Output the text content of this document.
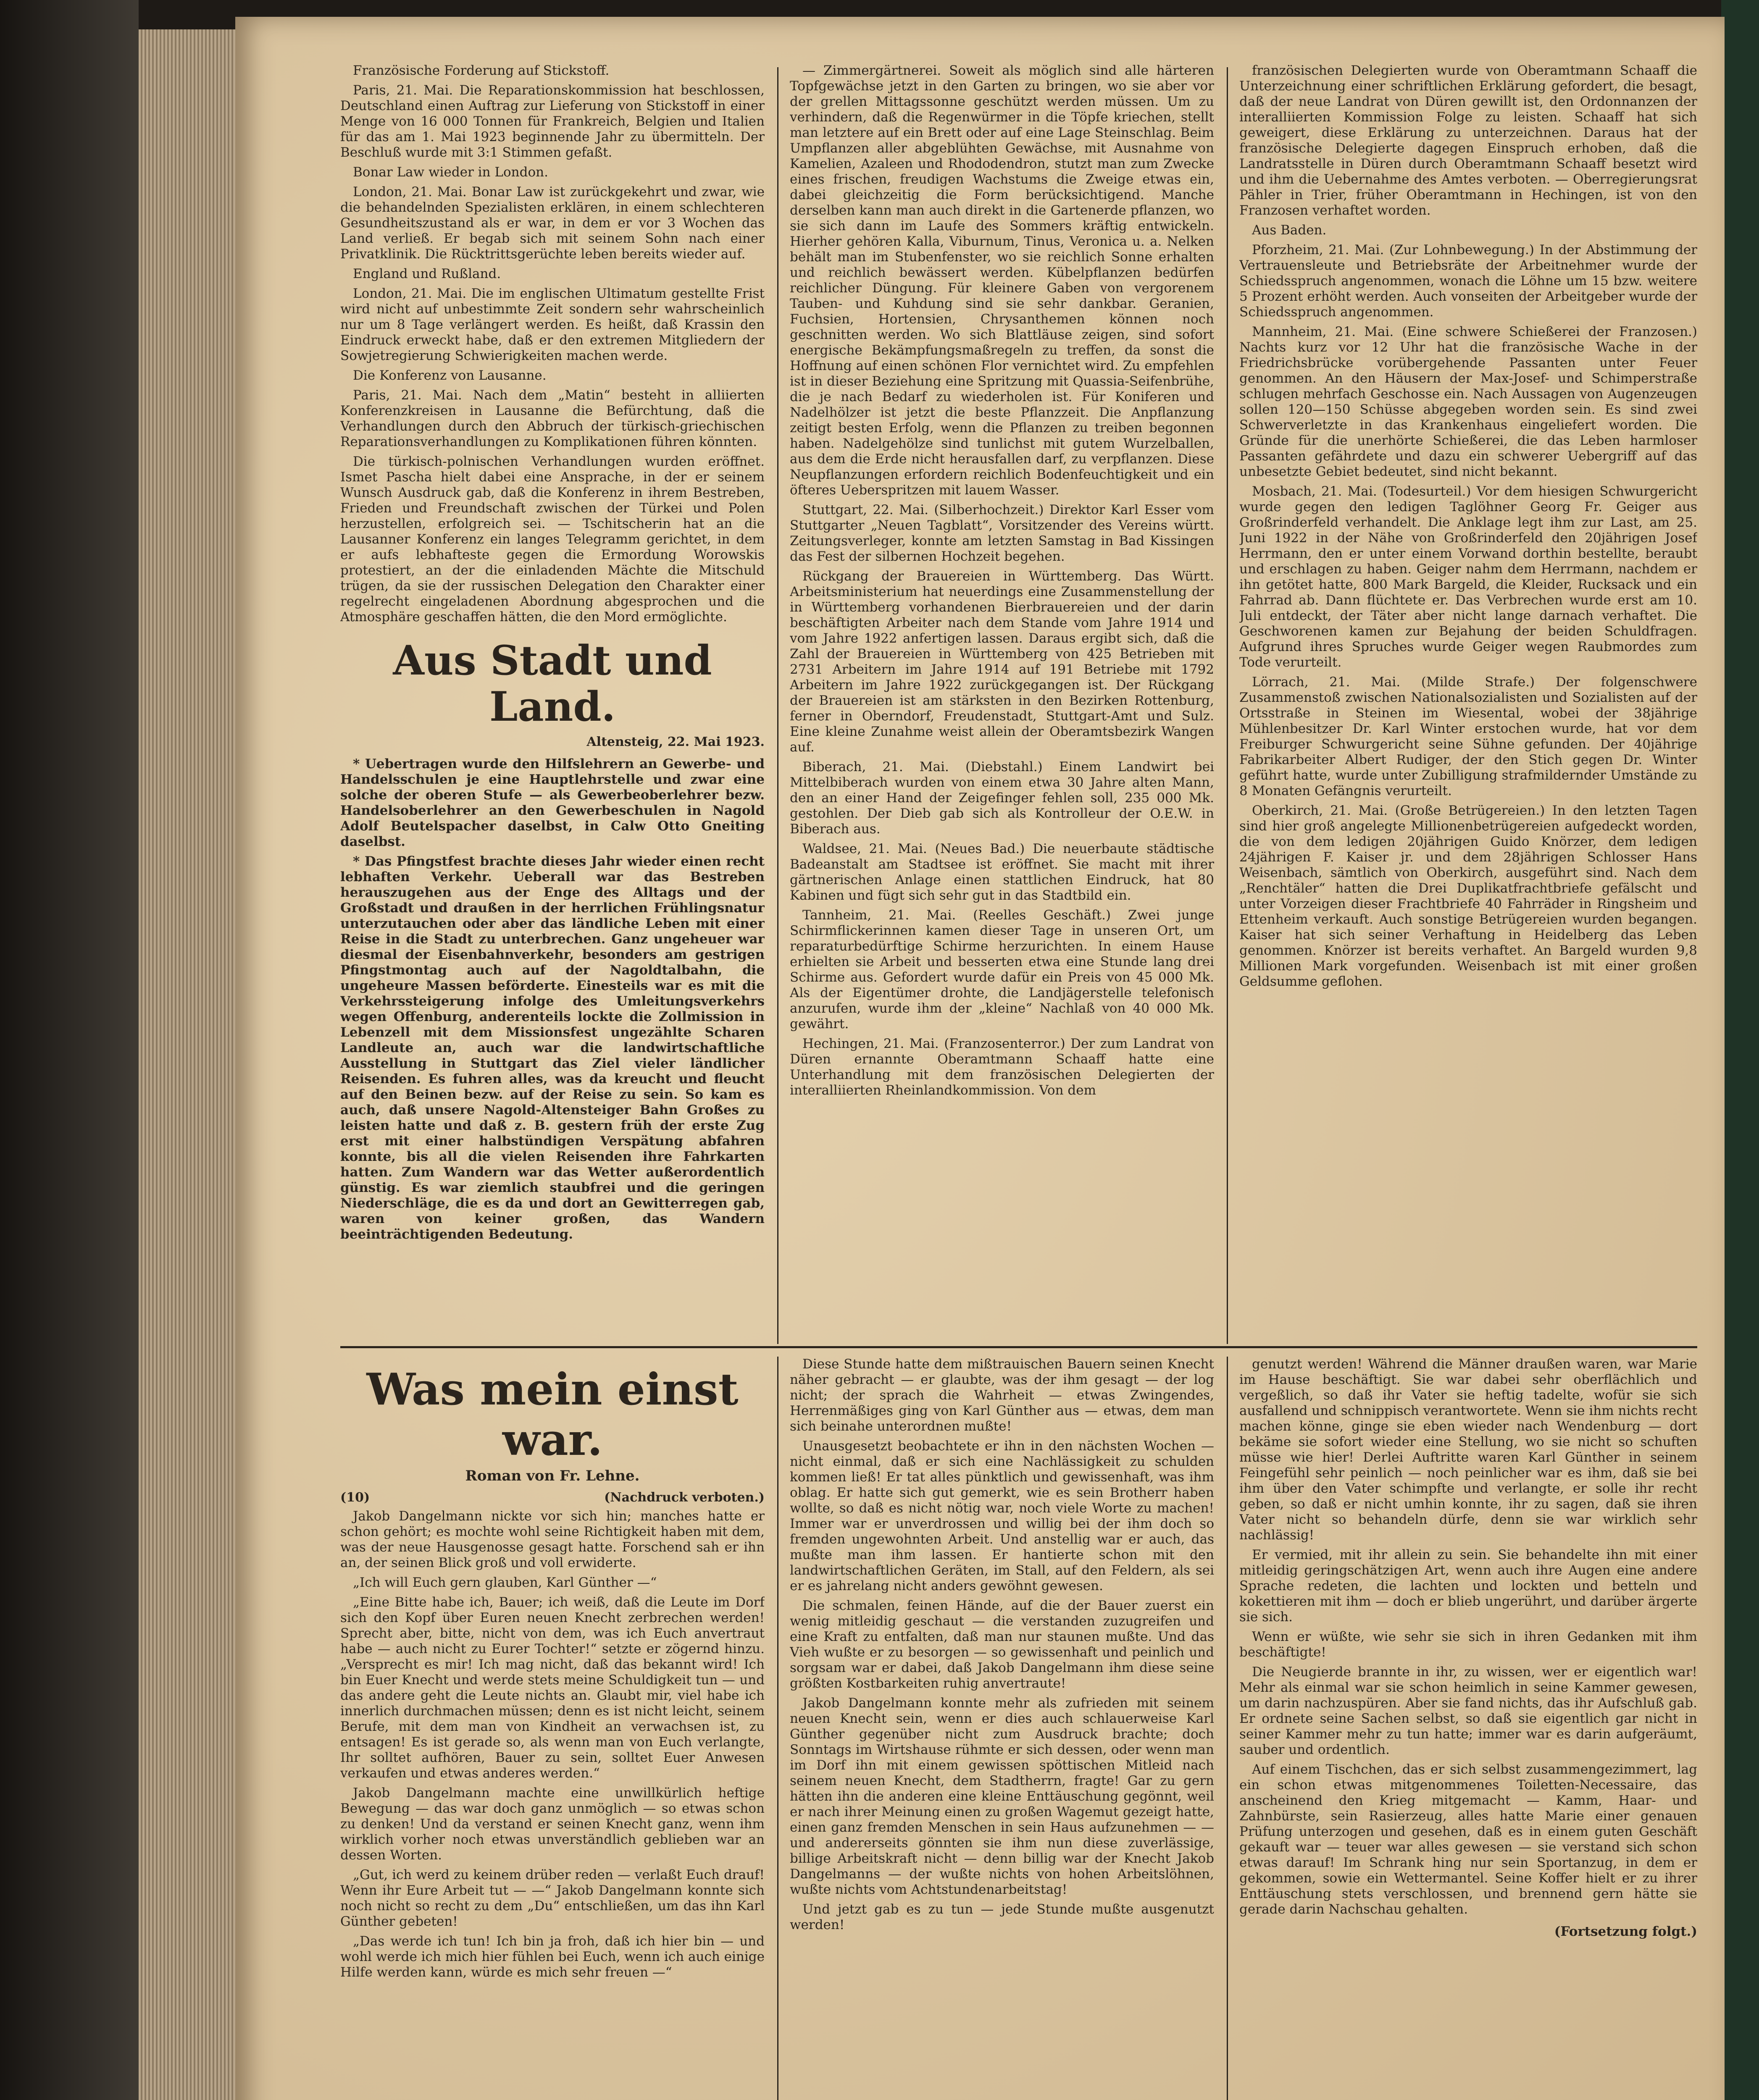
Französische Forderung auf Stickstoff.

Paris, 21. Mai. Die Reparationskommission hat beschlossen, Deutschland einen Auftrag zur Lieferung von Stickstoff in einer Menge von 16 000 Tonnen für Frankreich, Belgien und Italien für das am 1. Mai 1923 beginnende Jahr zu übermitteln. Der Beschluß wurde mit 3:1 Stimmen gefaßt.

Bonar Law wieder in London.

London, 21. Mai. Bonar Law ist zurückgekehrt und zwar, wie die behandelnden Spezialisten erklären, in einem schlechteren Gesundheitszustand als er war, in dem er vor 3 Wochen das Land verließ. Er begab sich mit seinem Sohn nach einer Privatklinik. Die Rücktrittsgerüchte leben bereits wieder auf.

England und Rußland.

London, 21. Mai. Die im englischen Ultimatum gestellte Frist wird nicht auf unbestimmte Zeit sondern sehr wahrscheinlich nur um 8 Tage verlängert werden. Es heißt, daß Krassin den Eindruck erweckt habe, daß er den extremen Mitgliedern der Sowjetregierung Schwierigkeiten machen werde.

Die Konferenz von Lausanne.

Paris, 21. Mai. Nach dem „Matin“ besteht in alliierten Konferenzkreisen in Lausanne die Befürchtung, daß die Verhandlungen durch den Abbruch der türkisch-griechischen Reparationsverhandlungen zu Komplikationen führen könnten.

Die türkisch-polnischen Verhandlungen wurden eröffnet. Ismet Pascha hielt dabei eine Ansprache, in der er seinem Wunsch Ausdruck gab, daß die Konferenz in ihrem Bestreben, Frieden und Freundschaft zwischen der Türkei und Polen herzustellen, erfolgreich sei. — Tschitscherin hat an die Lausanner Konferenz ein langes Telegramm gerichtet, in dem er aufs lebhafteste gegen die Ermordung Worowskis protestiert, an der die einladenden Mächte die Mitschuld trügen, da sie der russischen Delegation den Charakter einer regelrecht eingeladenen Abordnung abgesprochen und die Atmosphäre geschaffen hätten, die den Mord ermöglichte.

Aus Stadt und Land.
Altensteig, 22. Mai 1923.

* Uebertragen wurde den Hilfslehrern an Gewerbe- und Handelsschulen je eine Hauptlehrstelle und zwar eine solche der oberen Stufe — als Gewerbeoberlehrer bezw. Handelsoberlehrer an den Gewerbeschulen in Nagold Adolf Beutelspacher daselbst, in Calw Otto Gneiting daselbst.

* Das Pfingstfest brachte dieses Jahr wieder einen recht lebhaften Verkehr. Ueberall war das Bestreben herauszugehen aus der Enge des Alltags und der Großstadt und draußen in der herrlichen Frühlingsnatur unterzutauchen oder aber das ländliche Leben mit einer Reise in die Stadt zu unterbrechen. Ganz ungeheuer war diesmal der Eisenbahnverkehr, besonders am gestrigen Pfingstmontag auch auf der Nagoldtalbahn, die ungeheure Massen beförderte. Einesteils war es mit die Verkehrssteigerung infolge des Umleitungsverkehrs wegen Offenburg, anderenteils lockte die Zollmission in Lebenzell mit dem Missionsfest ungezählte Scharen Landleute an, auch war die landwirtschaftliche Ausstellung in Stuttgart das Ziel vieler ländlicher Reisenden. Es fuhren alles, was da kreucht und fleucht auf den Beinen bezw. auf der Reise zu sein. So kam es auch, daß unsere Nagold-Altensteiger Bahn Großes zu leisten hatte und daß z. B. gestern früh der erste Zug erst mit einer halbstündigen Verspätung abfahren konnte, bis all die vielen Reisenden ihre Fahrkarten hatten. Zum Wandern war das Wetter außerordentlich günstig. Es war ziemlich staubfrei und die geringen Niederschläge, die es da und dort an Gewitterregen gab, waren von keiner großen, das Wandern beeinträchtigenden Bedeutung.

— Zimmergärtnerei. Soweit als möglich sind alle härteren Topfgewächse jetzt in den Garten zu bringen, wo sie aber vor der grellen Mittagssonne geschützt werden müssen. Um zu verhindern, daß die Regenwürmer in die Töpfe kriechen, stellt man letztere auf ein Brett oder auf eine Lage Steinschlag. Beim Umpflanzen aller abgeblühten Gewächse, mit Ausnahme von Kamelien, Azaleen und Rhododendron, stutzt man zum Zwecke eines frischen, freudigen Wachstums die Zweige etwas ein, dabei gleichzeitig die Form berücksichtigend. Manche derselben kann man auch direkt in die Gartenerde pflanzen, wo sie sich dann im Laufe des Sommers kräftig entwickeln. Hierher gehören Kalla, Viburnum, Tinus, Veronica u. a. Nelken behält man im Stubenfenster, wo sie reichlich Sonne erhalten und reichlich bewässert werden. Kübelpflanzen bedürfen reichlicher Düngung. Für kleinere Gaben von vergorenem Tauben- und Kuhdung sind sie sehr dankbar. Geranien, Fuchsien, Hortensien, Chrysanthemen können noch geschnitten werden. Wo sich Blattläuse zeigen, sind sofort energische Bekämpfungsmaßregeln zu treffen, da sonst die Hoffnung auf einen schönen Flor vernichtet wird. Zu empfehlen ist in dieser Beziehung eine Spritzung mit Quassia-Seifenbrühe, die je nach Bedarf zu wiederholen ist. Für Koniferen und Nadelhölzer ist jetzt die beste Pflanzzeit. Die Anpflanzung zeitigt besten Erfolg, wenn die Pflanzen zu treiben begonnen haben. Nadelgehölze sind tunlichst mit gutem Wurzelballen, aus dem die Erde nicht herausfallen darf, zu verpflanzen. Diese Neupflanzungen erfordern reichlich Bodenfeuchtigkeit und ein öfteres Ueberspritzen mit lauem Wasser.

Stuttgart, 22. Mai. (Silberhochzeit.) Direktor Karl Esser vom Stuttgarter „Neuen Tagblatt“, Vorsitzender des Vereins württ. Zeitungsverleger, konnte am letzten Samstag in Bad Kissingen das Fest der silbernen Hochzeit begehen.

Rückgang der Brauereien in Württemberg. Das Württ. Arbeitsministerium hat neuerdings eine Zusammenstellung der in Württemberg vorhandenen Bierbrauereien und der darin beschäftigten Arbeiter nach dem Stande vom Jahre 1914 und vom Jahre 1922 anfertigen lassen. Daraus ergibt sich, daß die Zahl der Brauereien in Württemberg von 425 Betrieben mit 2731 Arbeitern im Jahre 1914 auf 191 Betriebe mit 1792 Arbeitern im Jahre 1922 zurückgegangen ist. Der Rückgang der Brauereien ist am stärksten in den Bezirken Rottenburg, ferner in Oberndorf, Freudenstadt, Stuttgart-Amt und Sulz. Eine kleine Zunahme weist allein der Oberamtsbezirk Wangen auf.

Biberach, 21. Mai. (Diebstahl.) Einem Landwirt bei Mittelbiberach wurden von einem etwa 30 Jahre alten Mann, den an einer Hand der Zeigefinger fehlen soll, 235 000 Mk. gestohlen. Der Dieb gab sich als Kontrolleur der O.E.W. in Biberach aus.

Waldsee, 21. Mai. (Neues Bad.) Die neuerbaute städtische Badeanstalt am Stadtsee ist eröffnet. Sie macht mit ihrer gärtnerischen Anlage einen stattlichen Eindruck, hat 80 Kabinen und fügt sich sehr gut in das Stadtbild ein.

Tannheim, 21. Mai. (Reelles Geschäft.) Zwei junge Schirmflickerinnen kamen dieser Tage in unseren Ort, um reparaturbedürftige Schirme herzurichten. In einem Hause erhielten sie Arbeit und besserten etwa eine Stunde lang drei Schirme aus. Gefordert wurde dafür ein Preis von 45 000 Mk. Als der Eigentümer drohte, die Landjägerstelle telefonisch anzurufen, wurde ihm der „kleine“ Nachlaß von 40 000 Mk. gewährt.

Hechingen, 21. Mai. (Franzosenterror.) Der zum Landrat von Düren ernannte Oberamtmann Schaaff hatte eine Unterhandlung mit dem französischen Delegierten der interalliierten Rheinlandkommission. Von dem

französischen Delegierten wurde von Oberamtmann Schaaff die Unterzeichnung einer schriftlichen Erklärung gefordert, die besagt, daß der neue Landrat von Düren gewillt ist, den Ordonnanzen der interalliierten Kommission Folge zu leisten. Schaaff hat sich geweigert, diese Erklärung zu unterzeichnen. Daraus hat der französische Delegierte dagegen Einspruch erhoben, daß die Landratsstelle in Düren durch Oberamtmann Schaaff besetzt wird und ihm die Uebernahme des Amtes verboten. — Oberregierungsrat Pähler in Trier, früher Oberamtmann in Hechingen, ist von den Franzosen verhaftet worden.

Aus Baden.

Pforzheim, 21. Mai. (Zur Lohnbewegung.) In der Abstimmung der Vertrauensleute und Betriebsräte der Arbeitnehmer wurde der Schiedsspruch angenommen, wonach die Löhne um 15 bzw. weitere 5 Prozent erhöht werden. Auch vonseiten der Arbeitgeber wurde der Schiedsspruch angenommen.

Mannheim, 21. Mai. (Eine schwere Schießerei der Franzosen.) Nachts kurz vor 12 Uhr hat die französische Wache in der Friedrichsbrücke vorübergehende Passanten unter Feuer genommen. An den Häusern der Max-Josef- und Schimperstraße schlugen mehrfach Geschosse ein. Nach Aussagen von Augenzeugen sollen 120—150 Schüsse abgegeben worden sein. Es sind zwei Schwerverletzte in das Krankenhaus eingeliefert worden. Die Gründe für die unerhörte Schießerei, die das Leben harmloser Passanten gefährdete und dazu ein schwerer Uebergriff auf das unbesetzte Gebiet bedeutet, sind nicht bekannt.

Mosbach, 21. Mai. (Todesurteil.) Vor dem hiesigen Schwurgericht wurde gegen den ledigen Taglöhner Georg Fr. Geiger aus Großrinderfeld verhandelt. Die Anklage legt ihm zur Last, am 25. Juni 1922 in der Nähe von Großrinderfeld den 20jährigen Josef Herrmann, den er unter einem Vorwand dorthin bestellte, beraubt und erschlagen zu haben. Geiger nahm dem Herrmann, nachdem er ihn getötet hatte, 800 Mark Bargeld, die Kleider, Rucksack und ein Fahrrad ab. Dann flüchtete er. Das Verbrechen wurde erst am 10. Juli entdeckt, der Täter aber nicht lange darnach verhaftet. Die Geschworenen kamen zur Bejahung der beiden Schuldfragen. Aufgrund ihres Spruches wurde Geiger wegen Raubmordes zum Tode verurteilt.

Lörrach, 21. Mai. (Milde Strafe.) Der folgenschwere Zusammenstoß zwischen Nationalsozialisten und Sozialisten auf der Ortsstraße in Steinen im Wiesental, wobei der 38jährige Mühlenbesitzer Dr. Karl Winter erstochen wurde, hat vor dem Freiburger Schwurgericht seine Sühne gefunden. Der 40jährige Fabrikarbeiter Albert Rudiger, der den Stich gegen Dr. Winter geführt hatte, wurde unter Zubilligung strafmildernder Umstände zu 8 Monaten Gefängnis verurteilt.

Oberkirch, 21. Mai. (Große Betrügereien.) In den letzten Tagen sind hier groß angelegte Millionenbetrügereien aufgedeckt worden, die von dem ledigen 20jährigen Guido Knörzer, dem ledigen 24jährigen F. Kaiser jr. und dem 28jährigen Schlosser Hans Weisenbach, sämtlich von Oberkirch, ausgeführt sind. Nach dem „Renchtäler“ hatten die Drei Duplikatfrachtbriefe gefälscht und unter Vorzeigen dieser Frachtbriefe 40 Fahrräder in Ringsheim und Ettenheim verkauft. Auch sonstige Betrügereien wurden begangen. Kaiser hat sich seiner Verhaftung in Heidelberg das Leben genommen. Knörzer ist bereits verhaftet. An Bargeld wurden 9,8 Millionen Mark vorgefunden. Weisenbach ist mit einer großen Geldsumme geflohen.

Was mein einst war.
Roman von Fr. Lehne.
(10)	(Nachdruck verboten.)

Jakob Dangelmann nickte vor sich hin; manches hatte er schon gehört; es mochte wohl seine Richtigkeit haben mit dem, was der neue Hausgenosse gesagt hatte. Forschend sah er ihn an, der seinen Blick groß und voll erwiderte.

„Ich will Euch gern glauben, Karl Günther —“

„Eine Bitte habe ich, Bauer; ich weiß, daß die Leute im Dorf sich den Kopf über Euren neuen Knecht zerbrechen werden! Sprecht aber, bitte, nicht von dem, was ich Euch anvertraut habe — auch nicht zu Eurer Tochter!“ setzte er zögernd hinzu. „Versprecht es mir! Ich mag nicht, daß das bekannt wird! Ich bin Euer Knecht und werde stets meine Schuldigkeit tun — und das andere geht die Leute nichts an. Glaubt mir, viel habe ich innerlich durchmachen müssen; denn es ist nicht leicht, seinem Berufe, mit dem man von Kindheit an verwachsen ist, zu entsagen! Es ist gerade so, als wenn man von Euch verlangte, Ihr solltet aufhören, Bauer zu sein, solltet Euer Anwesen verkaufen und etwas anderes werden.“

Jakob Dangelmann machte eine unwillkürlich heftige Bewegung — das war doch ganz unmöglich — so etwas schon zu denken! Und da verstand er seinen Knecht ganz, wenn ihm wirklich vorher noch etwas unverständlich geblieben war an dessen Worten.

„Gut, ich werd zu keinem drüber reden — verlaßt Euch drauf! Wenn ihr Eure Arbeit tut — —“ Jakob Dangelmann konnte sich noch nicht so recht zu dem „Du“ entschließen, um das ihn Karl Günther gebeten!

„Das werde ich tun! Ich bin ja froh, daß ich hier bin — und wohl werde ich mich hier fühlen bei Euch, wenn ich auch einige Hilfe werden kann, würde es mich sehr freuen —“

Diese Stunde hatte dem mißtrauischen Bauern seinen Knecht näher gebracht — er glaubte, was der ihm gesagt — der log nicht; der sprach die Wahrheit — etwas Zwingendes, Herrenmäßiges ging von Karl Günther aus — etwas, dem man sich beinahe unterordnen mußte!

Unausgesetzt beobachtete er ihn in den nächsten Wochen — nicht einmal, daß er sich eine Nachlässigkeit zu schulden kommen ließ! Er tat alles pünktlich und gewissenhaft, was ihm oblag. Er hatte sich gut gemerkt, wie es sein Brotherr haben wollte, so daß es nicht nötig war, noch viele Worte zu machen! Immer war er unverdrossen und willig bei der ihm doch so fremden ungewohnten Arbeit. Und anstellig war er auch, das mußte man ihm lassen. Er hantierte schon mit den landwirtschaftlichen Geräten, im Stall, auf den Feldern, als sei er es jahrelang nicht anders gewöhnt gewesen.

Die schmalen, feinen Hände, auf die der Bauer zuerst ein wenig mitleidig geschaut — die verstanden zuzugreifen und eine Kraft zu entfalten, daß man nur staunen mußte. Und das Vieh wußte er zu besorgen — so gewissenhaft und peinlich und sorgsam war er dabei, daß Jakob Dangelmann ihm diese seine größten Kostbarkeiten ruhig anvertraute!

Jakob Dangelmann konnte mehr als zufrieden mit seinem neuen Knecht sein, wenn er dies auch schlauerweise Karl Günther gegenüber nicht zum Ausdruck brachte; doch Sonntags im Wirtshause rühmte er sich dessen, oder wenn man im Dorf ihn mit einem gewissen spöttischen Mitleid nach seinem neuen Knecht, dem Stadtherrn, fragte! Gar zu gern hätten ihn die anderen eine kleine Enttäuschung gegönnt, weil er nach ihrer Meinung einen zu großen Wagemut gezeigt hatte, einen ganz fremden Menschen in sein Haus aufzunehmen — — und andererseits gönnten sie ihm nun diese zuverlässige, billige Arbeitskraft nicht — denn billig war der Knecht Jakob Dangelmanns — der wußte nichts von hohen Arbeitslöhnen, wußte nichts vom Achtstundenarbeitstag!

Und jetzt gab es zu tun — jede Stunde mußte ausgenutzt werden!

genutzt werden! Während die Männer draußen waren, war Marie im Hause beschäftigt. Sie war dabei sehr oberflächlich und vergeßlich, so daß ihr Vater sie heftig tadelte, wofür sie sich ausfallend und schnippisch verantwortete. Wenn sie ihm nichts recht machen könne, ginge sie eben wieder nach Wendenburg — dort bekäme sie sofort wieder eine Stellung, wo sie nicht so schuften müsse wie hier! Derlei Auftritte waren Karl Günther in seinem Feingefühl sehr peinlich — noch peinlicher war es ihm, daß sie bei ihm über den Vater schimpfte und verlangte, er solle ihr recht geben, so daß er nicht umhin konnte, ihr zu sagen, daß sie ihren Vater nicht so behandeln dürfe, denn sie war wirklich sehr nachlässig!

Er vermied, mit ihr allein zu sein. Sie behandelte ihn mit einer mitleidig geringschätzigen Art, wenn auch ihre Augen eine andere Sprache redeten, die lachten und lockten und betteln und kokettieren mit ihm — doch er blieb ungerührt, und darüber ärgerte sie sich.

Wenn er wüßte, wie sehr sie sich in ihren Gedanken mit ihm beschäftigte!

Die Neugierde brannte in ihr, zu wissen, wer er eigentlich war! Mehr als einmal war sie schon heimlich in seine Kammer gewesen, um darin nachzuspüren. Aber sie fand nichts, das ihr Aufschluß gab. Er ordnete seine Sachen selbst, so daß sie eigentlich gar nicht in seiner Kammer mehr zu tun hatte; immer war es darin aufgeräumt, sauber und ordentlich.

Auf einem Tischchen, das er sich selbst zusammengezimmert, lag ein schon etwas mitgenommenes Toiletten-Necessaire, das anscheinend den Krieg mitgemacht — Kamm, Haar- und Zahnbürste, sein Rasierzeug, alles hatte Marie einer genauen Prüfung unterzogen und gesehen, daß es in einem guten Geschäft gekauft war — teuer war alles gewesen — sie verstand sich schon etwas darauf! Im Schrank hing nur sein Sportanzug, in dem er gekommen, sowie ein Wettermantel. Seine Koffer hielt er zu ihrer Enttäuschung stets verschlossen, und brennend gern hätte sie gerade darin Nachschau gehalten.

(Fortsetzung folgt.)
